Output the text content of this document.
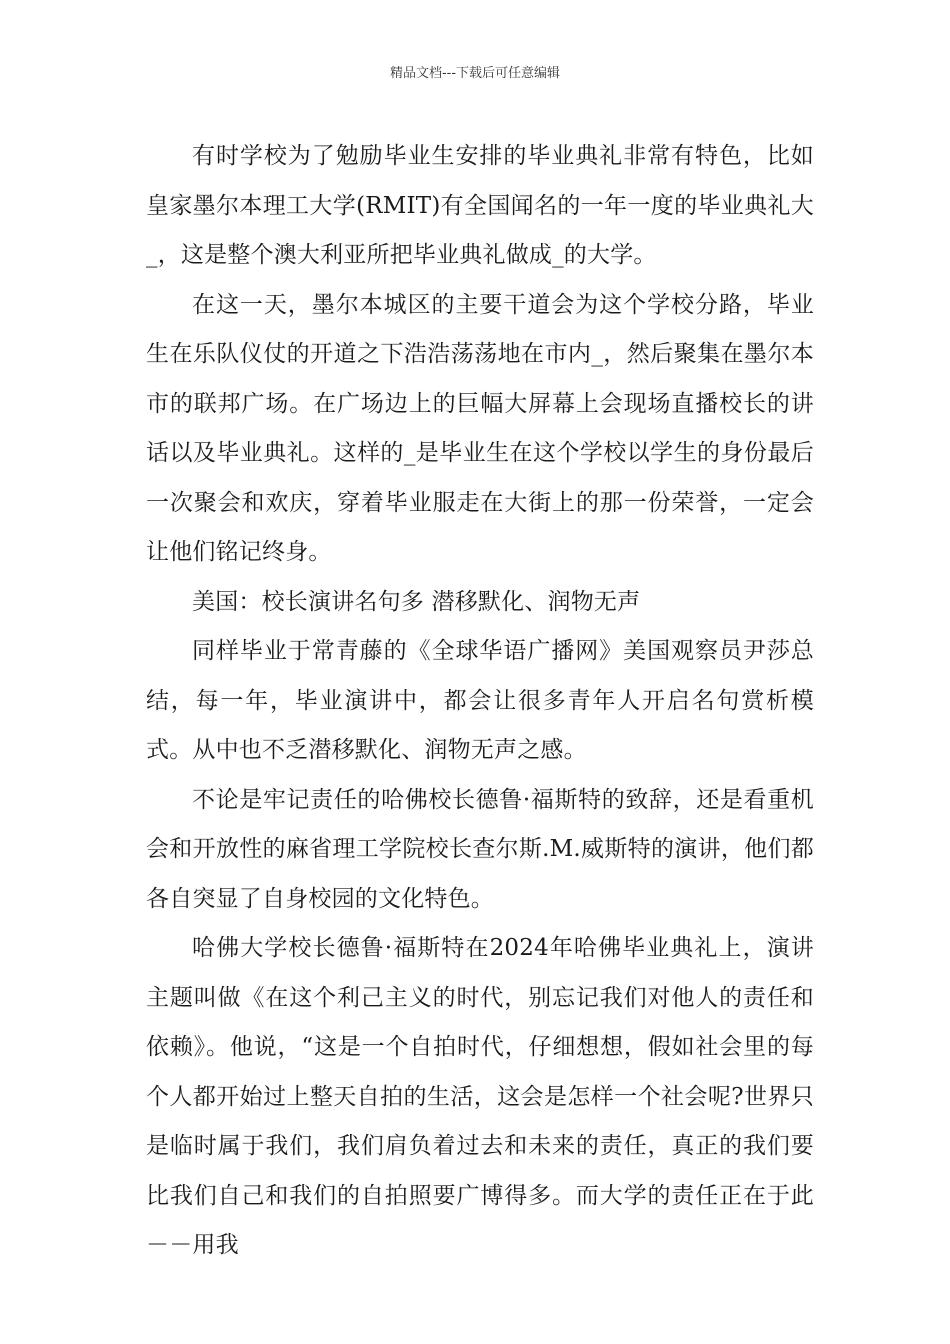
精品文档---下载后可任意编辑

有时学校为了勉励毕业生安排的毕业典礼非常有特色，比如皇家墨尔本理工大学(RMIT)有全国闻名的一年一度的毕业典礼大_，这是整个澳大利亚所把毕业典礼做成_的大学。

在这一天，墨尔本城区的主要干道会为这个学校分路，毕业生在乐队仪仗的开道之下浩浩荡荡地在市内_，然后聚集在墨尔本市的联邦广场。在广场边上的巨幅大屏幕上会现场直播校长的讲话以及毕业典礼。这样的_是毕业生在这个学校以学生的身份最后一次聚会和欢庆，穿着毕业服走在大街上的那一份荣誉，一定会让他们铭记终身。

美国：校长演讲名句多 潜移默化、润物无声

同样毕业于常青藤的《全球华语广播网》美国观察员尹莎总结，每一年，毕业演讲中，都会让很多青年人开启名句赏析模式。从中也不乏潜移默化、润物无声之感。

不论是牢记责任的哈佛校长德鲁·福斯特的致辞，还是看重机会和开放性的麻省理工学院校长查尔斯.M.威斯特的演讲，他们都各自突显了自身校园的文化特色。

哈佛大学校长德鲁·福斯特在2024年哈佛毕业典礼上，演讲主题叫做《在这个利己主义的时代，别忘记我们对他人的责任和依赖》。他说，“这是一个自拍时代，仔细想想，假如社会里的每个人都开始过上整天自拍的生活，这会是怎样一个社会呢?世界只是临时属于我们，我们肩负着过去和未来的责任，真正的我们要比我们自己和我们的自拍照要广博得多。而大学的责任正在于此－－用我
